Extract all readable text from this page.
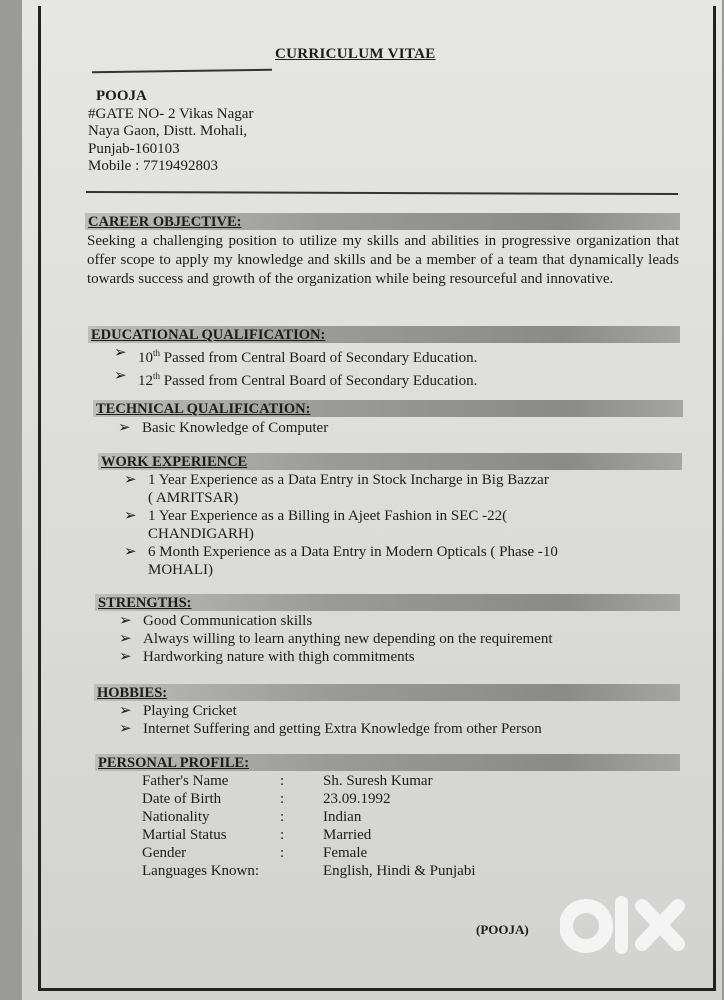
CURRICULUM VITAE
POOJA
#GATE NO- 2 Vikas Nagar
Naya Gaon, Distt. Mohali,
Punjab-160103
Mobile : 7719492803
CAREER OBJECTIVE:
Seeking a challenging position to utilize my skills and abilities in progressive organization that offer scope to apply my knowledge and skills and be a member of a team that dynamically leads towards success and growth of the organization while being resourceful and innovative.
EDUCATIONAL QUALIFICATION:
➢ 10th Passed from Central Board of Secondary Education.
➢ 12th Passed from Central Board of Secondary Education.
TECHNICAL QUALIFICATION:
➢ Basic Knowledge of Computer
WORK EXPERIENCE
➢ 1 Year Experience as a Data Entry in Stock Incharge in Big Bazzar
( AMRITSAR)
➢ 1 Year Experience as a Billing in Ajeet Fashion in SEC -22(
CHANDIGARH)
➢ 6 Month Experience as a Data Entry in Modern Opticals ( Phase -10
MOHALI)
STRENGTHS:
➢ Good Communication skills
➢ Always willing to learn anything new depending on the requirement
➢ Hardworking nature with thigh commitments
HOBBIES:
➢ Playing Cricket
➢ Internet Suffering and getting Extra Knowledge from other Person
PERSONAL PROFILE:
Father's Name	:	Sh. Suresh Kumar
Date of Birth	:	23.09.1992
Nationality	:	Indian
Martial Status	:	Married
Gender	:	Female
Languages Known:		English, Hindi & Punjabi
(POOJA)
